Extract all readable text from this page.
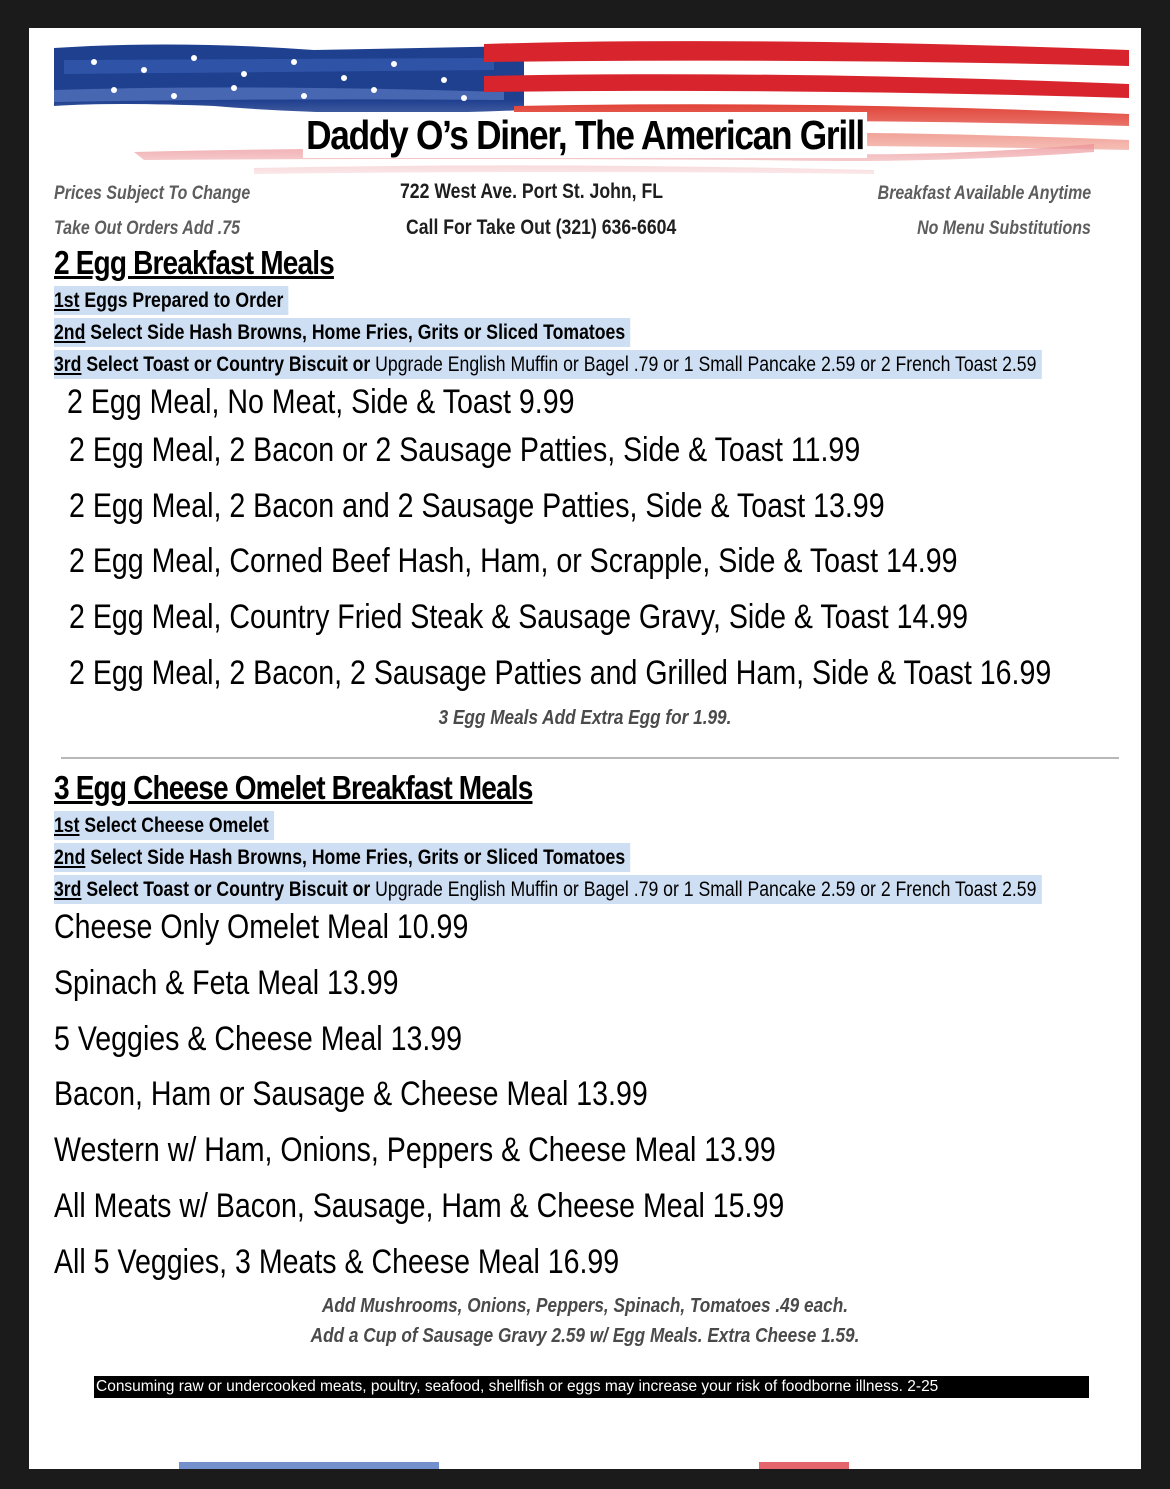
Daddy O’s Diner, The American Grill
Prices Subject To Change
Take Out Orders Add .75
722 West Ave. Port St. John, FL
Call For Take Out (321) 636-6604
Breakfast Available Anytime
No Menu Substitutions
2 Egg Breakfast Meals
1st Eggs Prepared to Order
2nd Select Side Hash Browns, Home Fries, Grits or Sliced Tomatoes
3rd Select Toast or Country Biscuit or Upgrade English Muffin or Bagel .79 or 1 Small Pancake 2.59 or 2 French Toast 2.59
2 Egg Meal, No Meat, Side & Toast 9.99
2 Egg Meal, 2 Bacon or 2 Sausage Patties, Side & Toast 11.99
2 Egg Meal, 2 Bacon and 2 Sausage Patties, Side & Toast 13.99
2 Egg Meal, Corned Beef Hash, Ham, or Scrapple, Side & Toast 14.99
2 Egg Meal, Country Fried Steak & Sausage Gravy, Side & Toast 14.99
2 Egg Meal, 2 Bacon, 2 Sausage Patties and Grilled Ham, Side & Toast 16.99
3 Egg Meals Add Extra Egg for 1.99.
3 Egg Cheese Omelet Breakfast Meals
1st Select Cheese Omelet
2nd Select Side Hash Browns, Home Fries, Grits or Sliced Tomatoes
3rd Select Toast or Country Biscuit or Upgrade English Muffin or Bagel .79 or 1 Small Pancake 2.59 or 2 French Toast 2.59
Cheese Only Omelet Meal 10.99
Spinach & Feta Meal 13.99
5 Veggies & Cheese Meal 13.99
Bacon, Ham or Sausage & Cheese Meal 13.99
Western w/ Ham, Onions, Peppers & Cheese Meal 13.99
All Meats w/ Bacon, Sausage, Ham & Cheese Meal 15.99
All 5 Veggies, 3 Meats & Cheese Meal 16.99
Add Mushrooms, Onions, Peppers, Spinach, Tomatoes .49 each.
Add a Cup of Sausage Gravy 2.59 w/ Egg Meals. Extra Cheese 1.59.
Consuming raw or undercooked meats, poultry, seafood, shellfish or eggs may increase your risk of foodborne illness. 2-25
